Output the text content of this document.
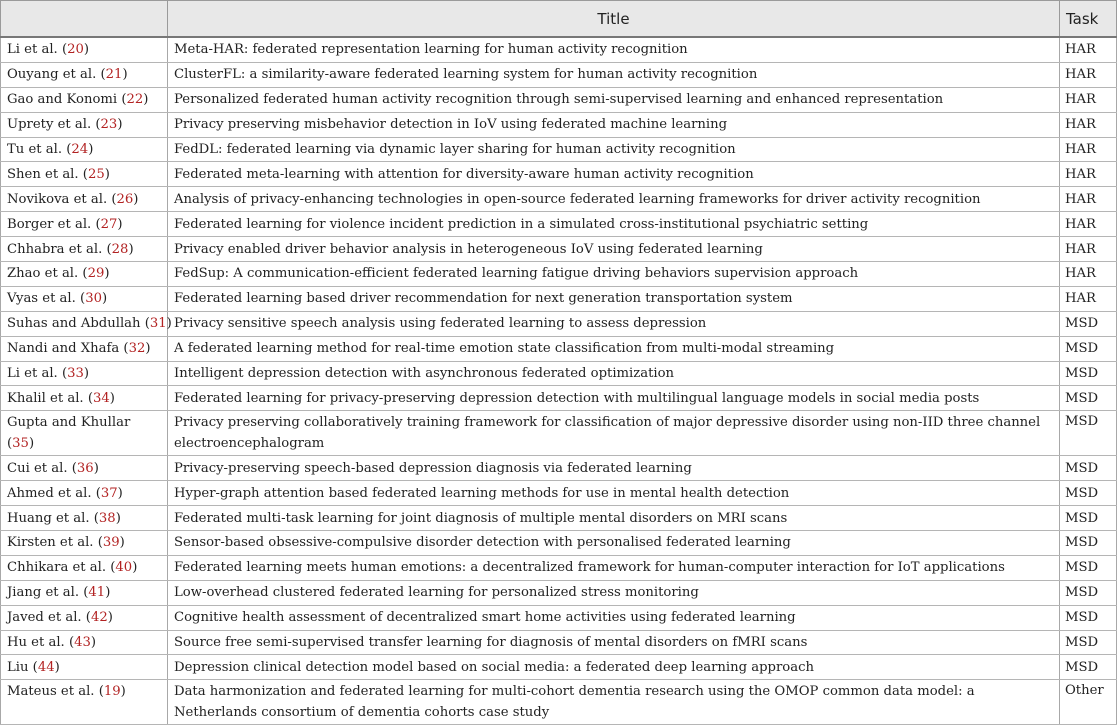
	Title	Task
Li et al. (20)	Meta-HAR: federated representation learning for human activity recognition	HAR
Ouyang et al. (21)	ClusterFL: a similarity-aware federated learning system for human activity recognition	HAR
Gao and Konomi (22)	Personalized federated human activity recognition through semi-supervised learning and enhanced representation	HAR
Uprety et al. (23)	Privacy preserving misbehavior detection in IoV using federated machine learning	HAR
Tu et al. (24)	FedDL: federated learning via dynamic layer sharing for human activity recognition	HAR
Shen et al. (25)	Federated meta-learning with attention for diversity-aware human activity recognition	HAR
Novikova et al. (26)	Analysis of privacy-enhancing technologies in open-source federated learning frameworks for driver activity recognition	HAR
Borger et al. (27)	Federated learning for violence incident prediction in a simulated cross-institutional psychiatric setting	HAR
Chhabra et al. (28)	Privacy enabled driver behavior analysis in heterogeneous IoV using federated learning	HAR
Zhao et al. (29)	FedSup: A communication-efficient federated learning fatigue driving behaviors supervision approach	HAR
Vyas et al. (30)	Federated learning based driver recommendation for next generation transportation system	HAR
Suhas and Abdullah (31)	Privacy sensitive speech analysis using federated learning to assess depression	MSD
Nandi and Xhafa (32)	A federated learning method for real-time emotion state classification from multi-modal streaming	MSD
Li et al. (33)	Intelligent depression detection with asynchronous federated optimization	MSD
Khalil et al. (34)	Federated learning for privacy-preserving depression detection with multilingual language models in social media posts	MSD
Gupta and Khullar (35)	Privacy preserving collaboratively training framework for classification of major depressive disorder using non-IID three channel electroencephalogram	MSD
Cui et al. (36)	Privacy-preserving speech-based depression diagnosis via federated learning	MSD
Ahmed et al. (37)	Hyper-graph attention based federated learning methods for use in mental health detection	MSD
Huang et al. (38)	Federated multi-task learning for joint diagnosis of multiple mental disorders on MRI scans	MSD
Kirsten et al. (39)	Sensor-based obsessive-compulsive disorder detection with personalised federated learning	MSD
Chhikara et al. (40)	Federated learning meets human emotions: a decentralized framework for human-computer interaction for IoT applications	MSD
Jiang et al. (41)	Low-overhead clustered federated learning for personalized stress monitoring	MSD
Javed et al. (42)	Cognitive health assessment of decentralized smart home activities using federated learning	MSD
Hu et al. (43)	Source free semi-supervised transfer learning for diagnosis of mental disorders on fMRI scans	MSD
Liu (44)	Depression clinical detection model based on social media: a federated deep learning approach	MSD
Mateus et al. (19)	Data harmonization and federated learning for multi-cohort dementia research using the OMOP common data model: a Netherlands consortium of dementia cohorts case study	Other
